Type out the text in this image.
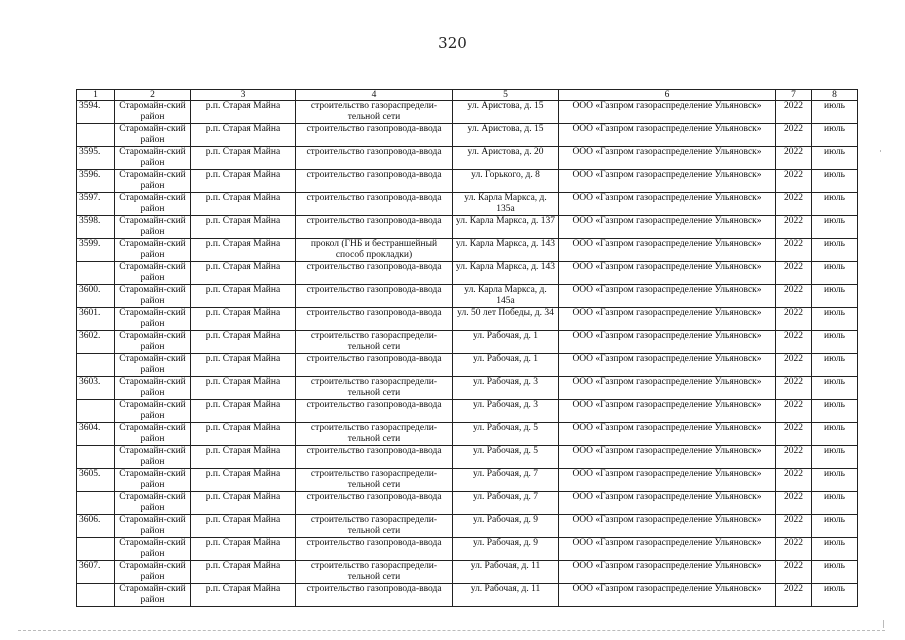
320
1	2	3	4	5	6	7	8
3594.	Старомайн-ский район	р.п. Старая Майна	строительство газораспредели-тельной сети	ул. Аристова, д. 15	ООО «Газпром газораспределение Ульяновск»	2022	июль
	Старомайн-ский район	р.п. Старая Майна	строительство газопровода-ввода	ул. Аристова, д. 15	ООО «Газпром газораспределение Ульяновск»	2022	июль
3595.	Старомайн-ский район	р.п. Старая Майна	строительство газопровода-ввода	ул. Аристова, д. 20	ООО «Газпром газораспределение Ульяновск»	2022	июль
3596.	Старомайн-ский район	р.п. Старая Майна	строительство газопровода-ввода	ул. Горького, д. 8	ООО «Газпром газораспределение Ульяновск»	2022	июль
3597.	Старомайн-ский район	р.п. Старая Майна	строительство газопровода-ввода	ул. Карла Маркса, д. 135а	ООО «Газпром газораспределение Ульяновск»	2022	июль
3598.	Старомайн-ский район	р.п. Старая Майна	строительство газопровода-ввода	ул. Карла Маркса, д. 137	ООО «Газпром газораспределение Ульяновск»	2022	июль
3599.	Старомайн-ский район	р.п. Старая Майна	прокол (ГНБ и бестраншейный способ прокладки)	ул. Карла Маркса, д. 143	ООО «Газпром газораспределение Ульяновск»	2022	июль
	Старомайн-ский район	р.п. Старая Майна	строительство газопровода-ввода	ул. Карла Маркса, д. 143	ООО «Газпром газораспределение Ульяновск»	2022	июль
3600.	Старомайн-ский район	р.п. Старая Майна	строительство газопровода-ввода	ул. Карла Маркса, д. 145а	ООО «Газпром газораспределение Ульяновск»	2022	июль
3601.	Старомайн-ский район	р.п. Старая Майна	строительство газопровода-ввода	ул. 50 лет Победы, д. 34	ООО «Газпром газораспределение Ульяновск»	2022	июль
3602.	Старомайн-ский район	р.п. Старая Майна	строительство газораспредели-тельной сети	ул. Рабочая, д. 1	ООО «Газпром газораспределение Ульяновск»	2022	июль
	Старомайн-ский район	р.п. Старая Майна	строительство газопровода-ввода	ул. Рабочая, д. 1	ООО «Газпром газораспределение Ульяновск»	2022	июль
3603.	Старомайн-ский район	р.п. Старая Майна	строительство газораспредели-тельной сети	ул. Рабочая, д. 3	ООО «Газпром газораспределение Ульяновск»	2022	июль
	Старомайн-ский район	р.п. Старая Майна	строительство газопровода-ввода	ул. Рабочая, д. 3	ООО «Газпром газораспределение Ульяновск»	2022	июль
3604.	Старомайн-ский район	р.п. Старая Майна	строительство газораспредели-тельной сети	ул. Рабочая, д. 5	ООО «Газпром газораспределение Ульяновск»	2022	июль
	Старомайн-ский район	р.п. Старая Майна	строительство газопровода-ввода	ул. Рабочая, д. 5	ООО «Газпром газораспределение Ульяновск»	2022	июль
3605.	Старомайн-ский район	р.п. Старая Майна	строительство газораспредели-тельной сети	ул. Рабочая, д. 7	ООО «Газпром газораспределение Ульяновск»	2022	июль
	Старомайн-ский район	р.п. Старая Майна	строительство газопровода-ввода	ул. Рабочая, д. 7	ООО «Газпром газораспределение Ульяновск»	2022	июль
3606.	Старомайн-ский район	р.п. Старая Майна	строительство газораспредели-тельной сети	ул. Рабочая, д. 9	ООО «Газпром газораспределение Ульяновск»	2022	июль
	Старомайн-ский район	р.п. Старая Майна	строительство газопровода-ввода	ул. Рабочая, д. 9	ООО «Газпром газораспределение Ульяновск»	2022	июль
3607.	Старомайн-ский район	р.п. Старая Майна	строительство газораспредели-тельной сети	ул. Рабочая, д. 11	ООО «Газпром газораспределение Ульяновск»	2022	июль
	Старомайн-ский район	р.п. Старая Майна	строительство газопровода-ввода	ул. Рабочая, д. 11	ООО «Газпром газораспределение Ульяновск»	2022	июль
